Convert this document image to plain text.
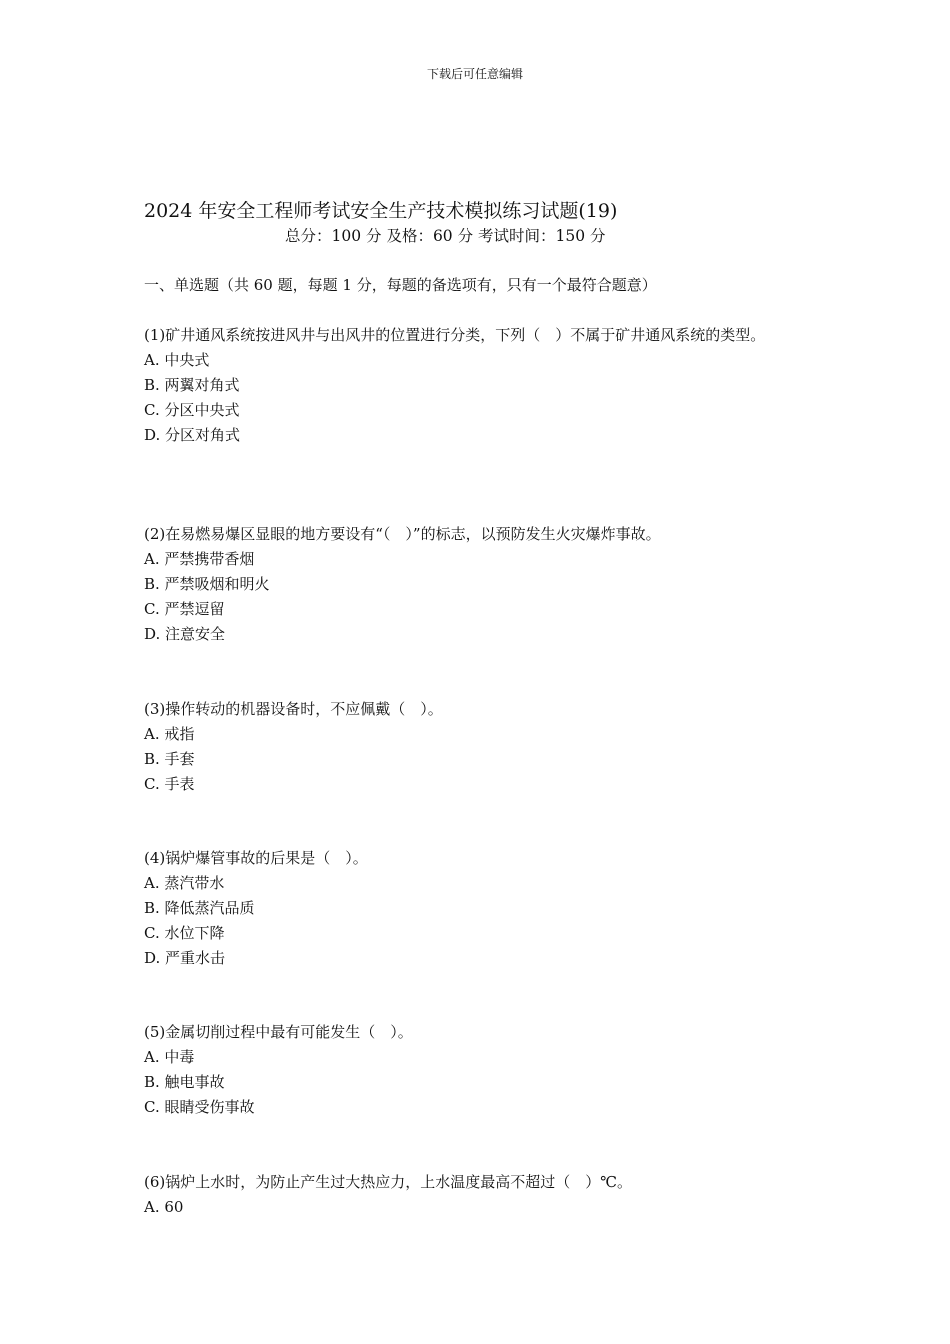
下载后可任意编辑
2024 年安全工程师考试安全生产技术模拟练习试题(19)
总分：100 分 及格：60 分 考试时间：150 分
一、单选题（共 60 题，每题 1 分，每题的备选项有，只有一个最符合题意）
(1)矿井通风系统按进风井与出风井的位置进行分类，下列（　）不属于矿井通风系统的类型。
A. 中央式
B. 两翼对角式
C. 分区中央式
D. 分区对角式
(2)在易燃易爆区显眼的地方要设有“（　）”的标志，以预防发生火灾爆炸事故。
A. 严禁携带香烟
B. 严禁吸烟和明火
C. 严禁逗留
D. 注意安全
(3)操作转动的机器设备时，不应佩戴（　）。
A. 戒指
B. 手套
C. 手表
(4)锅炉爆管事故的后果是（　）。
A. 蒸汽带水
B. 降低蒸汽品质
C. 水位下降
D. 严重水击
(5)金属切削过程中最有可能发生（　）。
A. 中毒
B. 触电事故
C. 眼睛受伤事故
(6)锅炉上水时，为防止产生过大热应力，上水温度最高不超过（　）℃。
A. 60
